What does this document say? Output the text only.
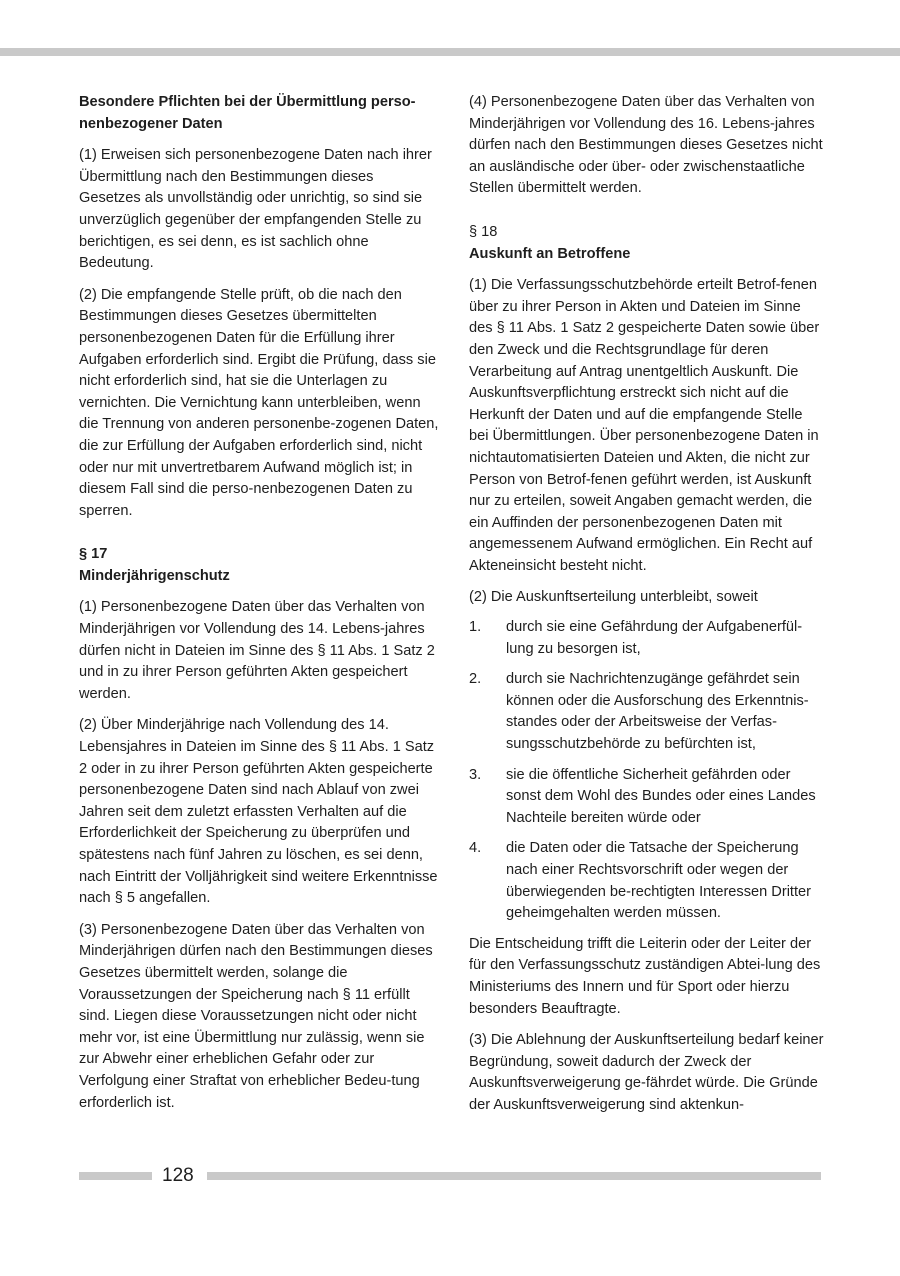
Besondere Pflichten bei der Übermittlung perso-nenbezogener Daten

(1) Erweisen sich personenbezogene Daten nach ihrer Übermittlung nach den Bestimmungen dieses Gesetzes als unvollständig oder unrichtig, so sind sie unverzüglich gegenüber der empfangenden Stelle zu berichtigen, es sei denn, es ist sachlich ohne Bedeutung.

(2) Die empfangende Stelle prüft, ob die nach den Bestimmungen dieses Gesetzes übermittelten personenbezogenen Daten für die Erfüllung ihrer Aufgaben erforderlich sind. Ergibt die Prüfung, dass sie nicht erforderlich sind, hat sie die Unterlagen zu vernichten. Die Vernichtung kann unterbleiben, wenn die Trennung von anderen personenbe-zogenen Daten, die zur Erfüllung der Aufgaben erforderlich sind, nicht oder nur mit unvertretbarem Aufwand möglich ist; in diesem Fall sind die perso-nenbezogenen Daten zu sperren.

§ 17

Minderjährigenschutz

(1) Personenbezogene Daten über das Verhalten von Minderjährigen vor Vollendung des 14. Lebens-jahres dürfen nicht in Dateien im Sinne des § 11 Abs. 1 Satz 2 und in zu ihrer Person geführten Akten gespeichert werden.

(2) Über Minderjährige nach Vollendung des 14. Lebensjahres in Dateien im Sinne des § 11 Abs. 1 Satz 2 oder in zu ihrer Person geführten Akten gespeicherte personenbezogene Daten sind nach Ablauf von zwei Jahren seit dem zuletzt erfassten Verhalten auf die Erforderlichkeit der Speicherung zu überprüfen und spätestens nach fünf Jahren zu löschen, es sei denn, nach Eintritt der Volljährigkeit sind weitere Erkenntnisse nach § 5 angefallen.

(3) Personenbezogene Daten über das Verhalten von Minderjährigen dürfen nach den Bestimmungen dieses Gesetzes übermittelt werden, solange die Voraussetzungen der Speicherung nach § 11 erfüllt sind. Liegen diese Voraussetzungen nicht oder nicht mehr vor, ist eine Übermittlung nur zulässig, wenn sie zur Abwehr einer erheblichen Gefahr oder zur Verfolgung einer Straftat von erheblicher Bedeu-tung erforderlich ist.

(4) Personenbezogene Daten über das Verhalten von Minderjährigen vor Vollendung des 16. Lebens-jahres dürfen nach den Bestimmungen dieses Gesetzes nicht an ausländische oder über- oder zwischenstaatliche Stellen übermittelt werden.

§ 18

Auskunft an Betroffene

(1) Die Verfassungsschutzbehörde erteilt Betrof-fenen über zu ihrer Person in Akten und Dateien im Sinne des § 11 Abs. 1 Satz 2 gespeicherte Daten sowie über den Zweck und die Rechtsgrundlage für deren Verarbeitung auf Antrag unentgeltlich Auskunft. Die Auskunftsverpflichtung erstreckt sich nicht auf die Herkunft der Daten und auf die empfangende Stelle bei Übermittlungen. Über personenbezogene Daten in nichtautomatisierten Dateien und Akten, die nicht zur Person von Betrof-fenen geführt werden, ist Auskunft nur zu erteilen, soweit Angaben gemacht werden, die ein Auffinden der personenbezogenen Daten mit angemessenem Aufwand ermöglichen. Ein Recht auf Akteneinsicht besteht nicht.

(2) Die Auskunftserteilung unterbleibt, soweit

1.	durch sie eine Gefährdung der Aufgabenerfül-lung zu besorgen ist,
2.	durch sie Nachrichtenzugänge gefährdet sein können oder die Ausforschung des Erkenntnis-standes oder der Arbeitsweise der Verfas-sungsschutzbehörde zu befürchten ist,
3.	sie die öffentliche Sicherheit gefährden oder sonst dem Wohl des Bundes oder eines Landes Nachteile bereiten würde oder
4.	die Daten oder die Tatsache der Speicherung nach einer Rechtsvorschrift oder wegen der überwiegenden be-rechtigten Interessen Dritter geheimgehalten werden müssen.

Die Entscheidung trifft die Leiterin oder der Leiter der für den Verfassungsschutz zuständigen Abtei-lung des Ministeriums des Innern und für Sport oder hierzu besonders Beauftragte.

(3) Die Ablehnung der Auskunftserteilung bedarf keiner Begründung, soweit dadurch der Zweck der Auskunftsverweigerung ge-fährdet würde. Die Gründe der Auskunftsverweigerung sind aktenkun-

128
